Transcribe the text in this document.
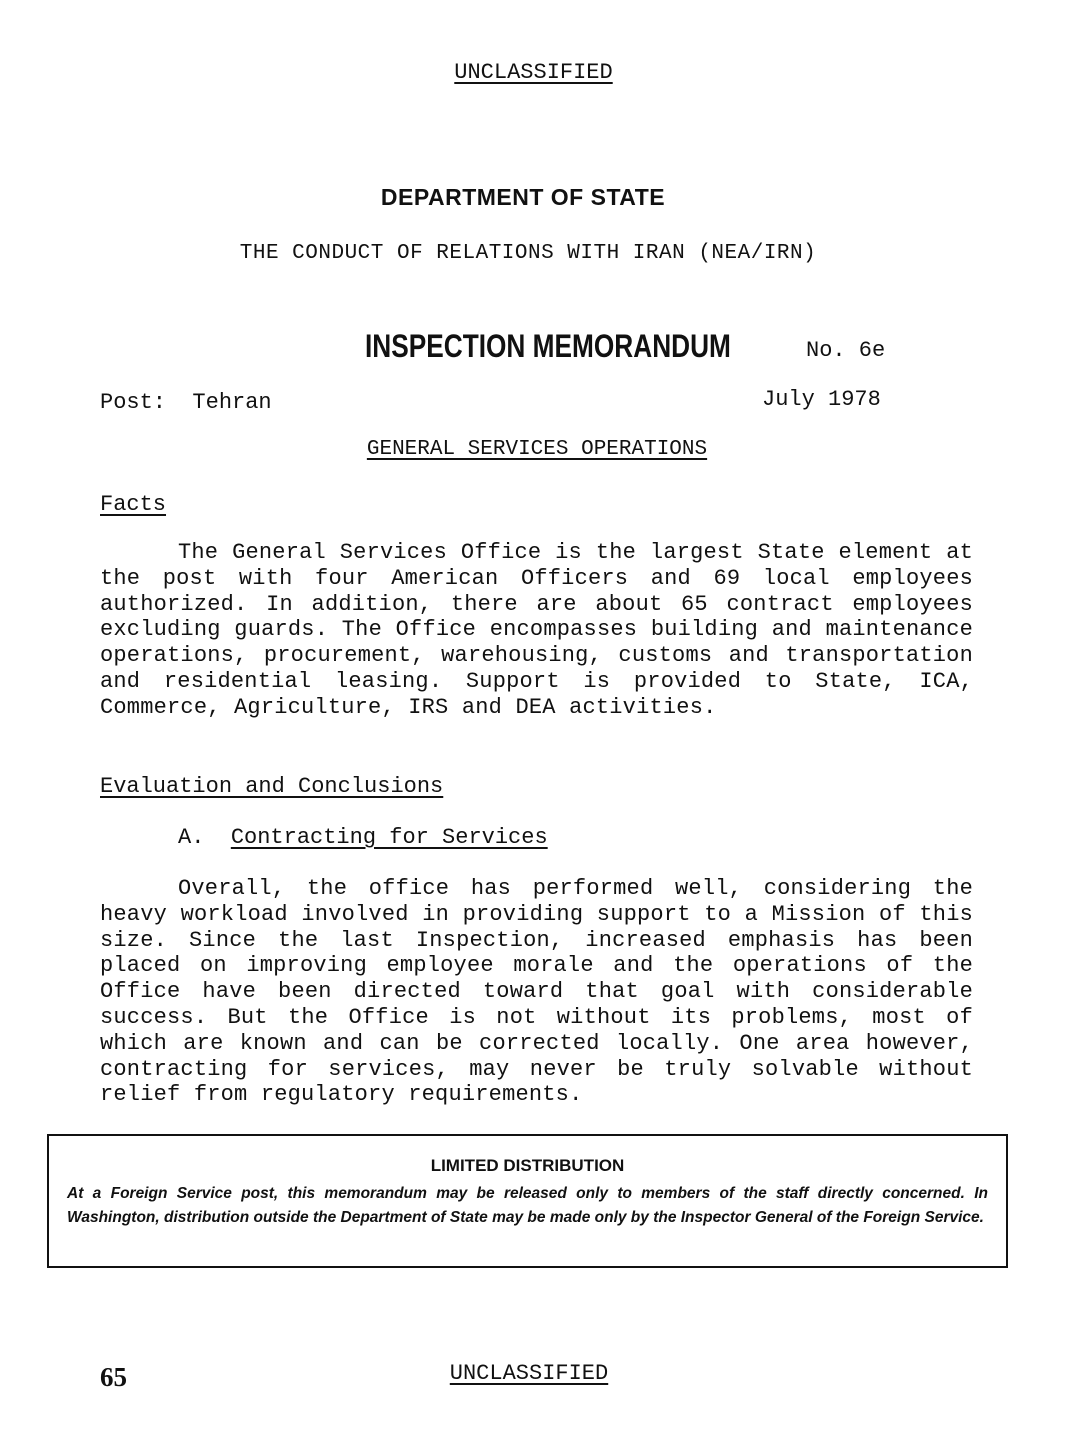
UNCLASSIFIED
DEPARTMENT OF STATE
THE CONDUCT OF RELATIONS WITH IRAN (NEA/IRN)
INSPECTION MEMORANDUM	No. 6e
Post:  Tehran	July 1978
GENERAL SERVICES OPERATIONS
Facts
The General Services Office is the largest State element at the post with four American Officers and 69 local employees authorized. In addition, there are about 65 contract employees excluding guards. The Office encompasses building and maintenance operations, procurement, warehousing, customs and transportation and residential leasing. Support is provided to State, ICA, Commerce, Agriculture, IRS and DEA activities.
Evaluation and Conclusions
A. Contracting for Services
Overall, the office has performed well, considering the heavy workload involved in providing support to a Mission of this size. Since the last Inspection, increased emphasis has been placed on improving employee morale and the operations of the Office have been directed toward that goal with considerable success. But the Office is not without its problems, most of which are known and can be corrected locally. One area however, contracting for services, may never be truly solvable without relief from regulatory requirements.
LIMITED DISTRIBUTION
At a Foreign Service post, this memorandum may be released only to members of the staff directly concerned. In Washington, distribution outside the Department of State may be made only by the Inspector General of the Foreign Service.
65	UNCLASSIFIED
